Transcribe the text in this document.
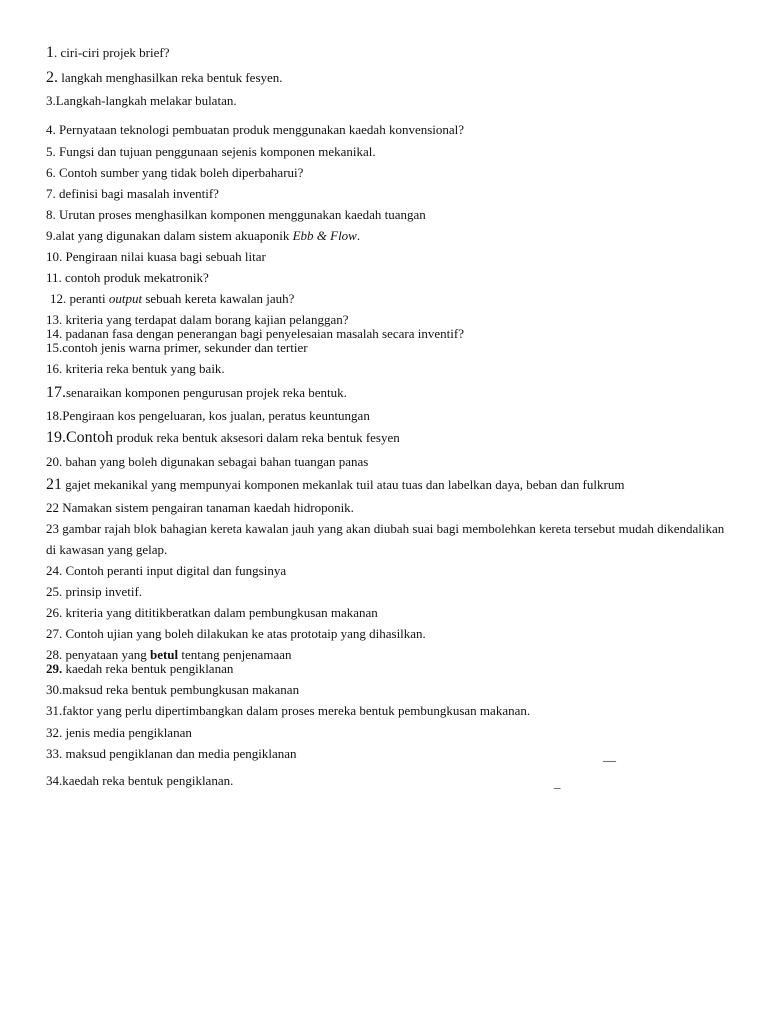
1. ciri-ciri projek brief?
2. langkah menghasilkan reka bentuk fesyen.
3.Langkah-langkah melakar bulatan.
4. Pernyataan teknologi pembuatan produk menggunakan kaedah konvensional?
5. Fungsi dan tujuan penggunaan sejenis komponen mekanikal.
6. Contoh sumber yang tidak boleh diperbaharui?
7. definisi bagi masalah inventif?
8. Urutan proses menghasilkan komponen menggunakan kaedah tuangan
9.alat yang digunakan dalam sistem akuaponik Ebb & Flow.
10. Pengiraan nilai kuasa bagi sebuah litar
11. contoh produk mekatronik?
12. peranti output sebuah kereta kawalan jauh?
13. kriteria yang terdapat dalam borang kajian pelanggan?
14. padanan fasa dengan penerangan bagi penyelesaian masalah secara inventif?
15.contoh jenis warna primer, sekunder dan tertier
16. kriteria reka bentuk yang baik.
17.senaraikan komponen pengurusan projek reka bentuk.
18.Pengiraan kos pengeluaran, kos jualan, peratus keuntungan
19.Contoh produk reka bentuk aksesori dalam reka bentuk fesyen
20. bahan yang boleh digunakan sebagai bahan tuangan panas
21 gajet mekanikal yang mempunyai komponen mekanlak tuil atau tuas dan labelkan daya, beban dan fulkrum
22 Namakan sistem pengairan tanaman kaedah hidroponik.
23 gambar rajah blok bahagian kereta kawalan jauh yang akan diubah suai bagi membolehkan kereta tersebut mudah dikendalikan di kawasan yang gelap.
24. Contoh peranti input digital dan fungsinya
25. prinsip invetif.
26. kriteria yang dititikberatkan dalam pembungkusan makanan
27. Contoh ujian yang boleh dilakukan ke atas prototaip yang dihasilkan.
28. penyataan yang betul tentang penjenamaan
29. kaedah reka bentuk pengiklanan
30.maksud reka bentuk pembungkusan makanan
31.faktor yang perlu dipertimbangkan dalam proses mereka bentuk pembungkusan makanan.
32. jenis media pengiklanan
33. maksud pengiklanan dan media pengiklanan	__
34.kaedah reka bentuk pengiklanan.	_
